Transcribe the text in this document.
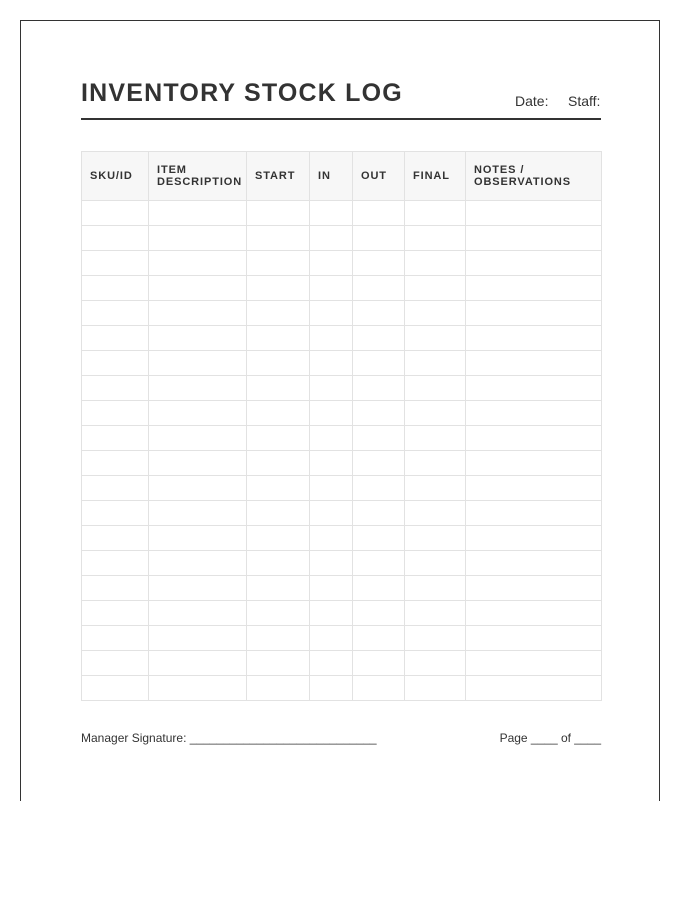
INVENTORY STOCK LOG	Date: Staff:
SKU/ID	ITEM DESCRIPTION	START	IN	OUT	FINAL	NOTES / OBSERVATIONS

Manager Signature: ____________________________	Page ____ of ____
